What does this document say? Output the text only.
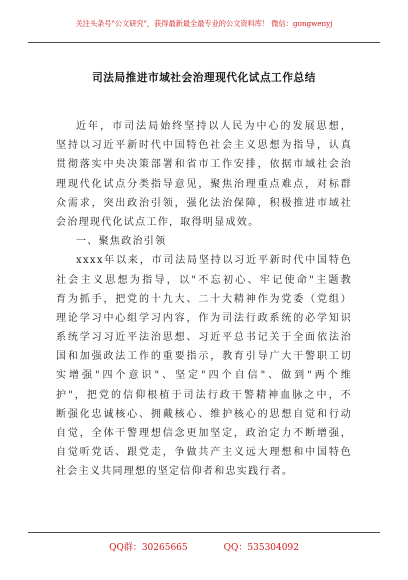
关注头条号"公文研究"，获得最新最全最专业的公文资料库！ 微信：gongwenyj
司法局推进市域社会治理现代化试点工作总结
近年，市司法局始终坚持以人民为中心的发展思想，
坚持以习近平新时代中国特色社会主义思想为指导，认真
贯彻落实中央决策部署和省市工作安排，依据市域社会治
理现代化试点分类指导意见，聚焦治理重点难点，对标群
众需求，突出政治引领，强化法治保障，积极推进市域社
会治理现代化试点工作，取得明显成效。
一、聚焦政治引领
xxxx年以来，市司法局坚持以习近平新时代中国特色
社会主义思想为指导，以"不忘初心、牢记使命"主题教
育为抓手，把党的十九大、二十大精神作为党委（党组）
理论学习中心组学习内容，作为司法行政系统的必学知识
系统学习习近平法治思想、习近平总书记关于全面依法治
国和加强政法工作的重要指示，教育引导广大干警职工切
实增强"四个意识"、坚定"四个自信"、做到"两个维
护"，把党的信仰根植于司法行政干警精神血脉之中，不
断强化忠诚核心、拥戴核心、维护核心的思想自觉和行动
自觉，全体干警理想信念更加坚定，政治定力不断增强，
自觉听党话、跟党走，争做共产主义远大理想和中国特色
社会主义共同理想的坚定信仰者和忠实践行者。
QQ群：30265665	QQ：535304092
